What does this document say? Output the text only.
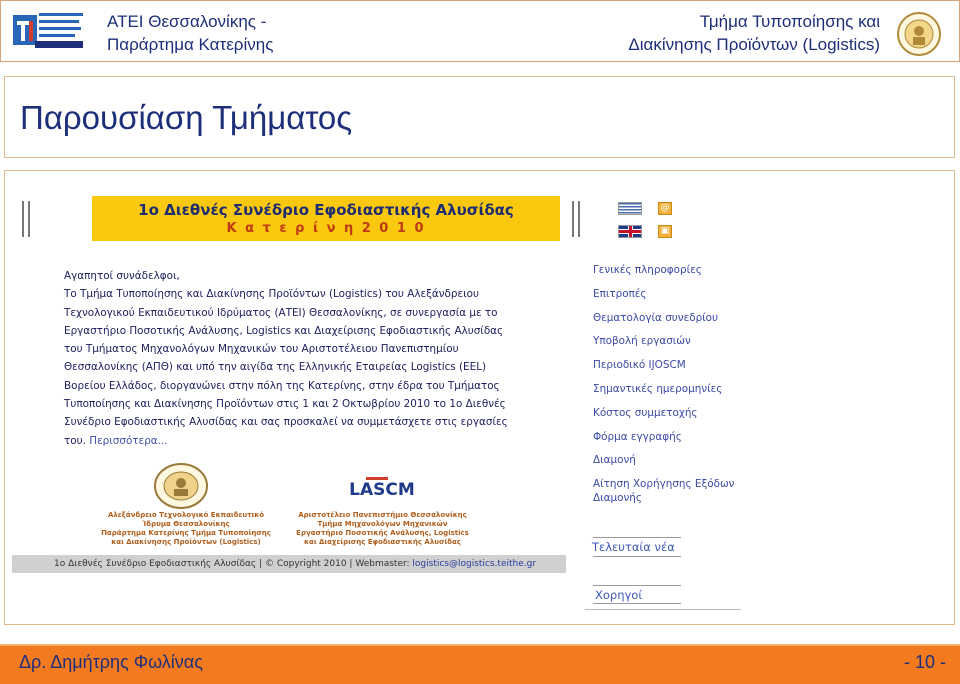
ΑΤΕΙ Θεσσαλονίκης -
Παράρτημα Κατερίνης
Τμήμα Τυποποίησης και
Διακίνησης Προϊόντων (Logistics)
Παρουσίαση Τμήματος
1ο Διεθνές Συνέδριο Εφοδιαστικής Αλυσίδας
Κ α τ ε ρ ί ν η 2 0 1 0
@
▣
Αγαπητοί συνάδελφοι,
Το Τμήμα Τυποποίησης και Διακίνησης Προϊόντων (Logistics) του Αλεξάνδρειου
Τεχνολογικού Εκπαιδευτικού Ιδρύματος (ΑΤΕΙ) Θεσσαλονίκης, σε συνεργασία με το
Εργαστήριο Ποσοτικής Ανάλυσης, Logistics και Διαχείρισης Εφοδιαστικής Αλυσίδας
του Τμήματος Μηχανολόγων Μηχανικών του Αριστοτέλειου Πανεπιστημίου
Θεσσαλονίκης (ΑΠΘ) και υπό την αιγίδα της Ελληνικής Εταιρείας Logistics (EEL)
Βορείου Ελλάδος, διοργανώνει στην πόλη της Κατερίνης, στην έδρα του Τμήματος
Τυποποίησης και Διακίνησης Προϊόντων στις 1 και 2 Οκτωβρίου 2010 το 1ο Διεθνές
Συνέδριο Εφοδιαστικής Αλυσίδας και σας προσκαλεί να συμμετάσχετε στις εργασίες
του. Περισσότερα...
Γενικές πληροφορίες
Επιτροπές
Θεματολογία συνεδρίου
Υποβολή εργασιών
Περιοδικό IJOSCM
Σημαντικές ημερομηνίες
Κόστος συμμετοχής
Φόρμα εγγραφής
Διαμονή
Αίτηση Χορήγησης Εξόδων Διαμονής
Αλεξάνδρειο Τεχνολογικό Εκπαιδευτικό
Ίδρυμα Θεσσαλονίκης
Παράρτημα Κατερίνης Τμήμα Τυποποίησης
και Διακίνησης Προϊόντων (Logistics)
LASCM
Αριστοτέλειο Πανεπιστήμιο Θεσσαλονίκης
Τμήμα Μηχανολόγων Μηχανικών
Εργαστήριο Ποσοτικής Ανάλυσης, Logistics
και Διαχείρισης Εφοδιαστικής Αλυσίδας
1ο Διεθνές Συνέδριο Εφοδιαστικής Αλυσίδας | © Copyright 2010 | Webmaster: logistics@logistics.teithe.gr
Τελευταία νέα
Χορηγοί
Δρ. Δημήτρης Φωλίνας	- 10 -
